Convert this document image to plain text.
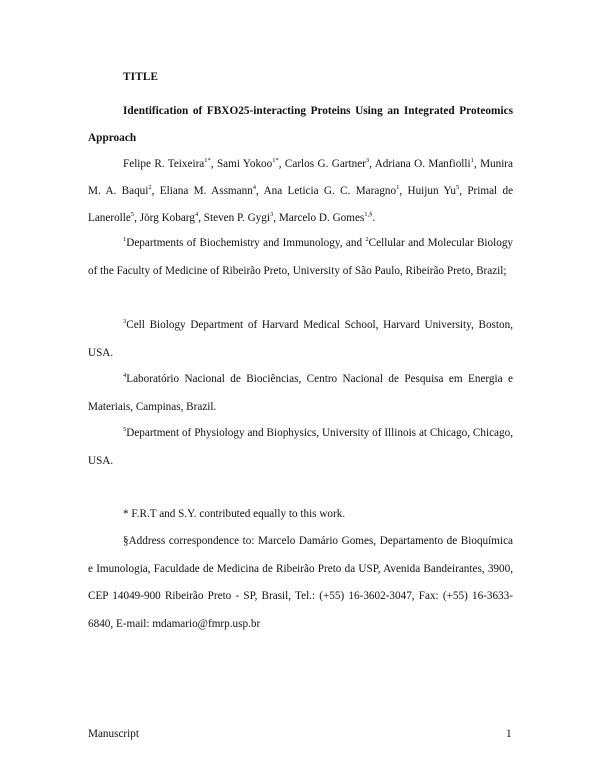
TITLE

Identification of FBXO25-interacting Proteins Using an Integrated Proteomics Approach

Felipe R. Teixeira$^{1*}$, Sami Yokoo$^{1*}$, Carlos G. Gartner$^3$, Adriana O. Manfiolli$^1$, Munira M. A. Baqui$^2$, Eliana M. Assmann$^4$, Ana Leticia G. C. Maragno$^1$, Huijun Yu$^5$, Primal de Lanerolle$^5$, Jörg Kobarg$^4$, Steven P. Gygi$^3$, Marcelo D. Gomes$^{1,\S}$.

$^1$Departments of Biochemistry and Immunology, and $^2$Cellular and Molecular Biology of the Faculty of Medicine of Ribeirão Preto, University of São Paulo, Ribeirão Preto, Brazil;

$^3$Cell Biology Department of Harvard Medical School, Harvard University, Boston, USA.

$^4$Laboratório Nacional de Biociências, Centro Nacional de Pesquisa em Energia e Materiais, Campinas, Brazil.

$^5$Department of Physiology and Biophysics, University of Illinois at Chicago, Chicago, USA.

* F.R.T and S.Y. contributed equally to this work.

§Address correspondence to: Marcelo Damário Gomes, Departamento de Bioquímica e Imunologia, Faculdade de Medicina de Ribeirão Preto da USP, Avenida Bandeirantes, 3900, CEP 14049-900 Ribeirão Preto - SP, Brasil, Tel.: (+55) 16-3602-3047, Fax: (+55) 16-3633-6840, E-mail: mdamario@fmrp.usp.br

Manuscript	1
